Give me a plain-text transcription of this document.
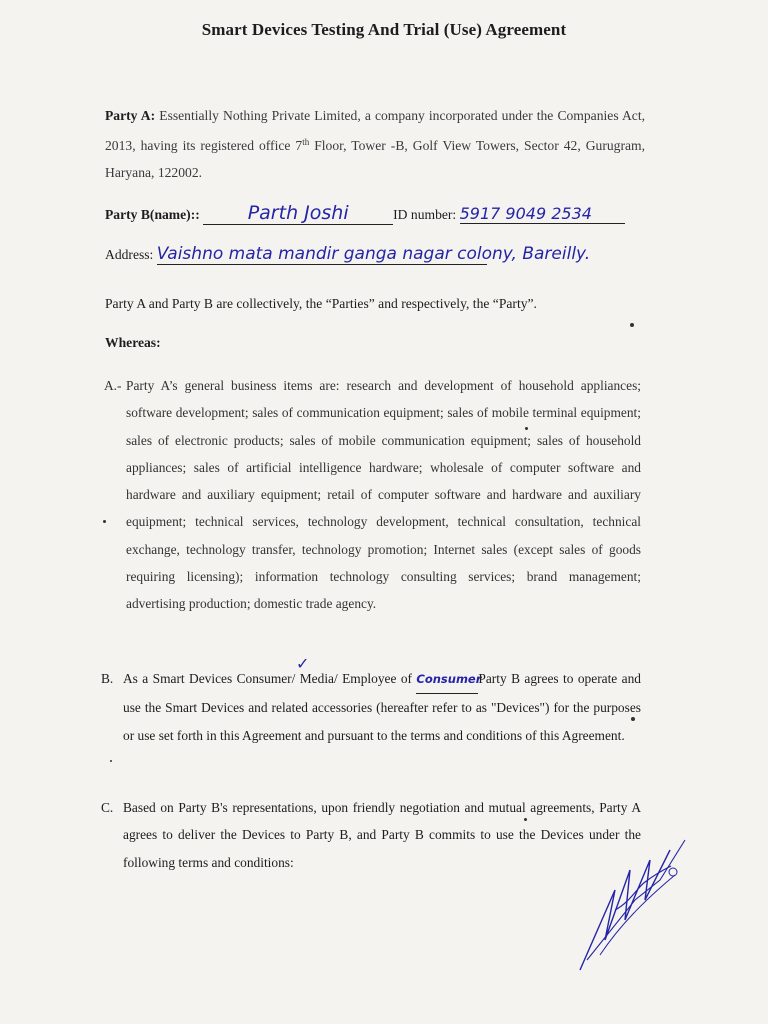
Smart Devices Testing And Trial (Use) Agreement
Party A: Essentially Nothing Private Limited, a company incorporated under the Companies Act, 2013, having its registered office 7th Floor, Tower -B, Golf View Towers, Sector 42, Gurugram, Haryana, 122002.
Party B(name)::	Parth Joshi	ID number: 5917 9049 2534
Address: Vaishno mata mandir ganga nagar colony, Bareilly.
Party A and Party B are collectively, the “Parties” and respectively, the “Party”.
Whereas:
A.- Party A’s general business items are: research and development of household appliances; software development; sales of communication equipment; sales of mobile terminal equipment; sales of electronic products; sales of mobile communication equipment; sales of household appliances; sales of artificial intelligence hardware; wholesale of computer software and hardware and auxiliary equipment; retail of computer software and hardware and auxiliary equipment; technical services, technology development, technical consultation, technical exchange, technology transfer, technology promotion; Internet sales (except sales of goods requiring licensing); information technology consulting services; brand management; advertising production; domestic trade agency.
✓
B. As a Smart Devices Consumer/ Media/ Employee of ConsumerParty B agrees to operate and use the Smart Devices and related accessories (hereafter refer to as "Devices") for the purposes or use set forth in this Agreement and pursuant to the terms and conditions of this Agreement.
C. Based on Party B's representations, upon friendly negotiation and mutual agreements, Party A agrees to deliver the Devices to Party B, and Party B commits to use the Devices under the following terms and conditions:
